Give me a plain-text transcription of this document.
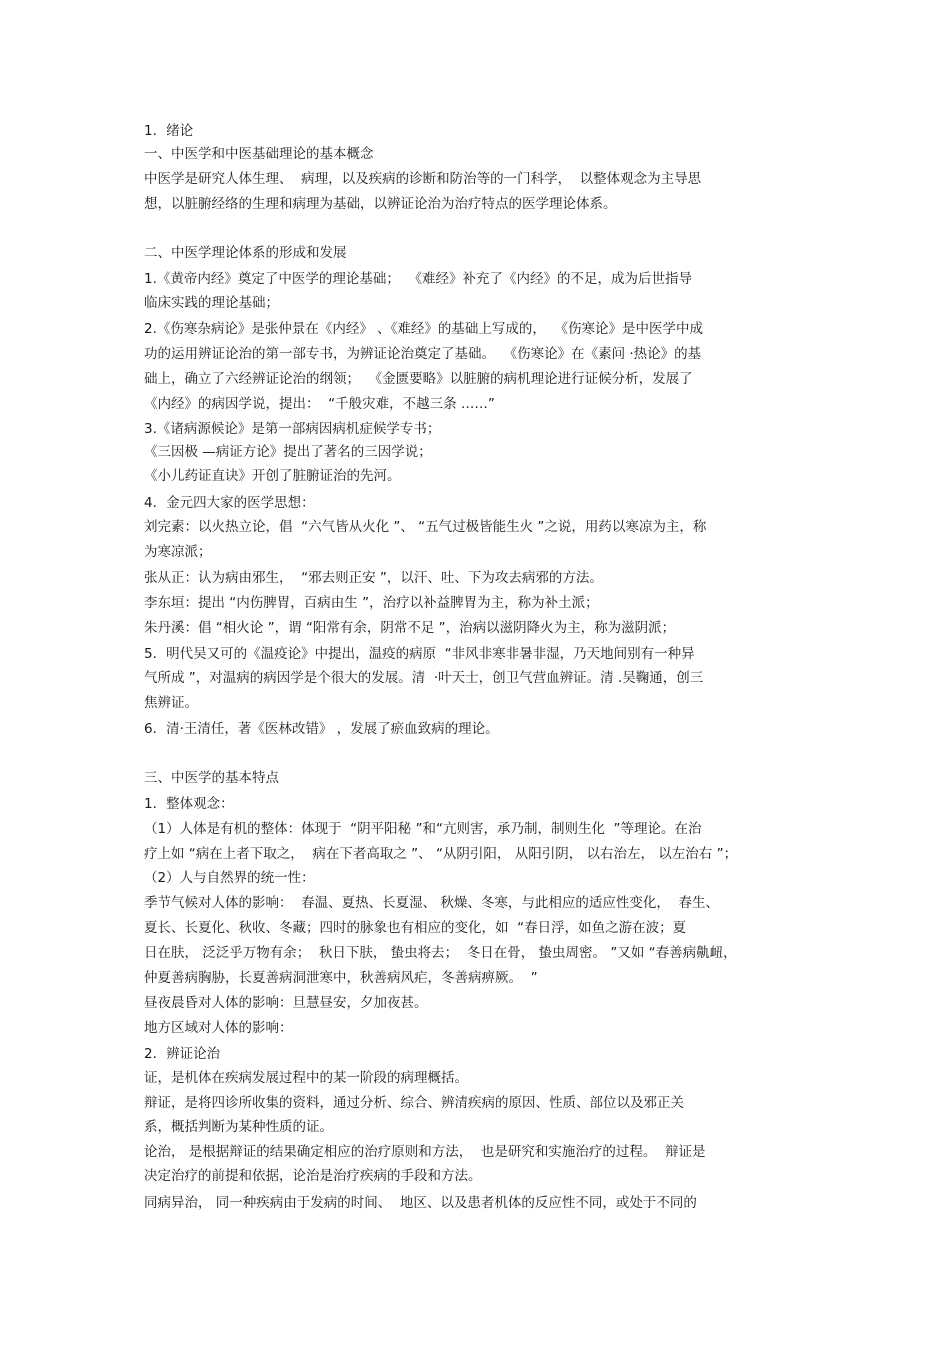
1．绪论
一、中医学和中医基础理论的基本概念
中医学是研究人体生理、  病理，以及疾病的诊断和防治等的一门科学，  以整体观念为主导思
想，以脏腑经络的生理和病理为基础，以辨证论治为治疗特点的医学理论体系。
二、中医学理论体系的形成和发展
1.《黄帝内经》奠定了中医学的理论基础；  《难经》补充了《内经》的不足，成为后世指导
临床实践的理论基础；
2.《伤寒杂病论》是张仲景在《内经》 、《难经》的基础上写成的，  《伤寒论》是中医学中成
功的运用辨证论治的第一部专书，为辨证论治奠定了基础。  《伤寒论》在《素问 ·热论》的基
础上，确立了六经辨证论治的纲领；  《金匮要略》以脏腑的病机理论进行证候分析，发展了
《内经》的病因学说，提出：  “千般灾难，不越三条 ……”
3.《诸病源候论》是第一部病因病机症候学专书；
《三因极 —病证方论》提出了著名的三因学说；
《小儿药证直诀》开创了脏腑证治的先河。
4．金元四大家的医学思想：
刘完素：以火热立论，倡  “六气皆从火化 ”、 “五气过极皆能生火 ”之说，用药以寒凉为主，称
为寒凉派；
张从正：认为病由邪生，  “邪去则正安 ”，以汗、吐、下为攻去病邪的方法。
李东垣：提出 “内伤脾胃，百病由生 ”，治疗以补益脾胃为主，称为补土派；
朱丹溪：倡 “相火论 ”，谓 “阳常有余，阴常不足 ”，治病以滋阴降火为主，称为滋阴派；
5．明代吴又可的《温疫论》中提出，温疫的病原  “非风非寒非暑非湿，乃天地间别有一种异
气所成 ”，对温病的病因学是个很大的发展。清  ·叶天士，创卫气营血辨证。清 .吴鞠通，创三
焦辨证。
6．清·王清任，著《医林改错》 ，发展了瘀血致病的理论。
三、中医学的基本特点
1．整体观念：
（1）人体是有机的整体：体现于  “阴平阳秘 ”和“亢则害，承乃制，制则生化  ”等理论。在治
疗上如 “病在上者下取之，  病在下者高取之 ”、 “从阴引阳， 从阳引阴， 以右治左， 以左治右 ”；
（2）人与自然界的统一性：
季节气候对人体的影响：  春温、夏热、长夏湿、 秋燥、冬寒，与此相应的适应性变化，  春生、
夏长、长夏化、秋收、冬藏；四时的脉象也有相应的变化，如  “春日浮，如鱼之游在波；夏
日在肤， 泛泛乎万物有余；  秋日下肤， 蛰虫将去；  冬日在骨， 蛰虫周密。 ”又如 “春善病鼽衄，
仲夏善病胸胁，长夏善病洞泄寒中，秋善病风疟，冬善病痹厥。  ”
昼夜晨昏对人体的影响：旦慧昼安，夕加夜甚。
地方区域对人体的影响：
2．辨证论治
证，是机体在疾病发展过程中的某一阶段的病理概括。
辩证，是将四诊所收集的资料，通过分析、综合、辨清疾病的原因、性质、部位以及邪正关
系，概括判断为某种性质的证。
论治， 是根据辩证的结果确定相应的治疗原则和方法，  也是研究和实施治疗的过程。  辩证是
决定治疗的前提和依据，论治是治疗疾病的手段和方法。
同病异治， 同一种疾病由于发病的时间、  地区、以及患者机体的反应性不同，或处于不同的
